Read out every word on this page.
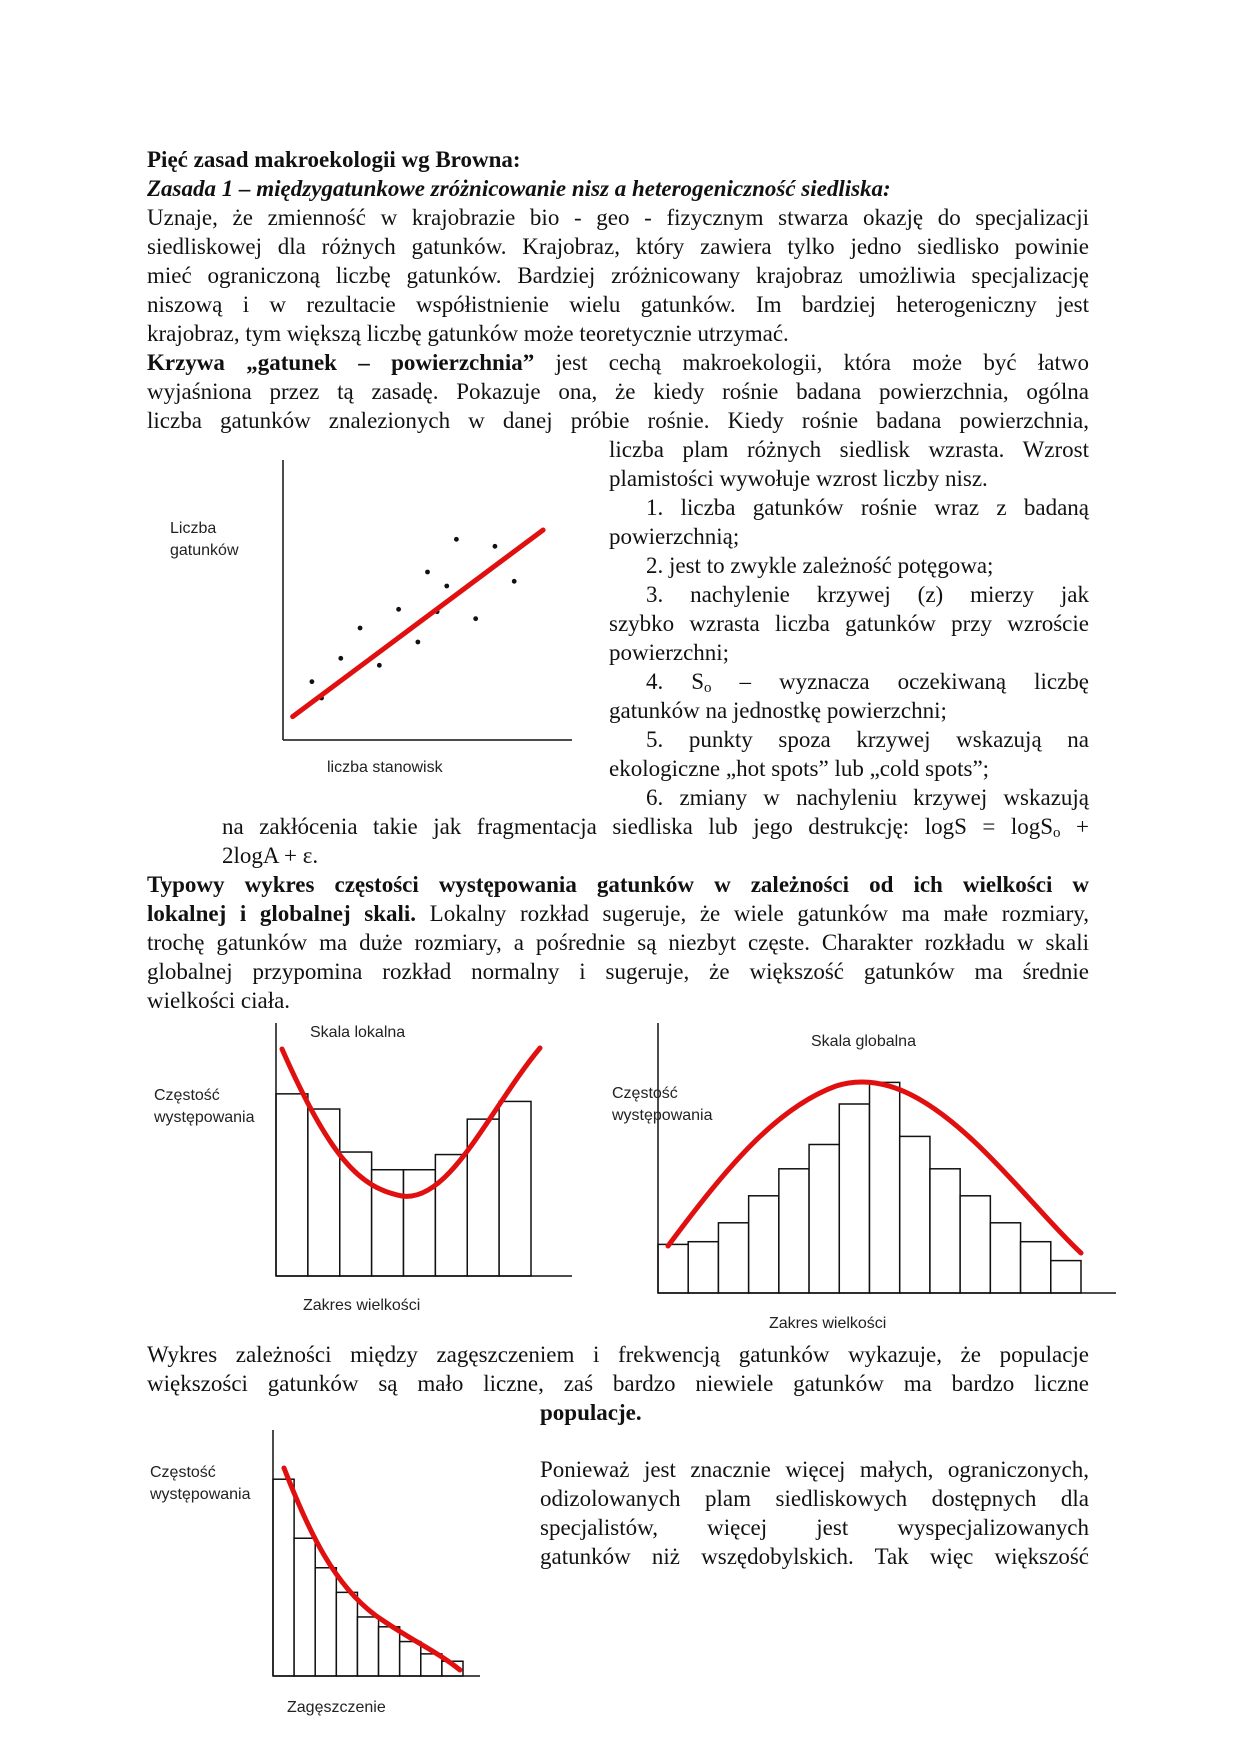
Pięć zasad makroekologii wg Browna:

Zasada 1 – międzygatunkowe zróżnicowanie nisz a heterogeniczność siedliska:

Uznaje, że zmienność w krajobrazie bio - geo - fizycznym stwarza okazję do specjalizacji

siedliskowej dla różnych gatunków. Krajobraz, który zawiera tylko jedno siedlisko powinie

mieć ograniczoną liczbę gatunków. Bardziej zróżnicowany krajobraz umożliwia specjalizację

niszową i w rezultacie współistnienie wielu gatunków. Im bardziej heterogeniczny jest

krajobraz, tym większą liczbę gatunków może teoretycznie utrzymać.

Krzywa „gatunek – powierzchnia” jest cechą makroekologii, która może być łatwo

wyjaśniona przez tą zasadę. Pokazuje ona, że kiedy rośnie badana powierzchnia, ogólna

liczba gatunków znalezionych w danej próbie rośnie. Kiedy rośnie badana powierzchnia,

liczba plam różnych siedlisk wzrasta. Wzrost

plamistości wywołuje wzrost liczby nisz.

1. liczba gatunków rośnie wraz z badaną

powierzchnią;

2. jest to zwykle zależność potęgowa;

3. nachylenie krzywej (z) mierzy jak

szybko wzrasta liczba gatunków przy wzroście

powierzchni;

4. $S_o$ – wyznacza oczekiwaną liczbę

gatunków na jednostkę powierzchni;

5. punkty spoza krzywej wskazują na

ekologiczne „hot spots” lub „cold spots”;

6. zmiany w nachyleniu krzywej wskazują

na zakłócenia takie jak fragmentacja siedliska lub jego destrukcję: logS = logS$_o$ +

2logA + ε.

Typowy wykres częstości występowania gatunków w zależności od ich wielkości w

lokalnej i globalnej skali. Lokalny rozkład sugeruje, że wiele gatunków ma małe rozmiary,

trochę gatunków ma duże rozmiary, a pośrednie są niezbyt częste. Charakter rozkładu w skali

globalnej przypomina rozkład normalny i sugeruje, że większość gatunków ma średnie

wielkości ciała.

Wykres zależności między zagęszczeniem i frekwencją gatunków wykazuje, że populacje

większości gatunków są mało liczne, zaś bardzo niewiele gatunków ma bardzo liczne

populacje.

Ponieważ jest znacznie więcej małych, ograniczonych,

odizolowanych plam siedliskowych dostępnych dla

specjalistów, więcej jest wyspecjalizowanych

gatunków niż wszędobylskich. Tak więc większość

Liczba gatunków
liczba stanowisk
Skala lokalna
Częstość występowania
Zakres wielkości
Skala globalna
Częstość występowania
Zakres wielkości
Częstość występowania
Zagęszczenie
